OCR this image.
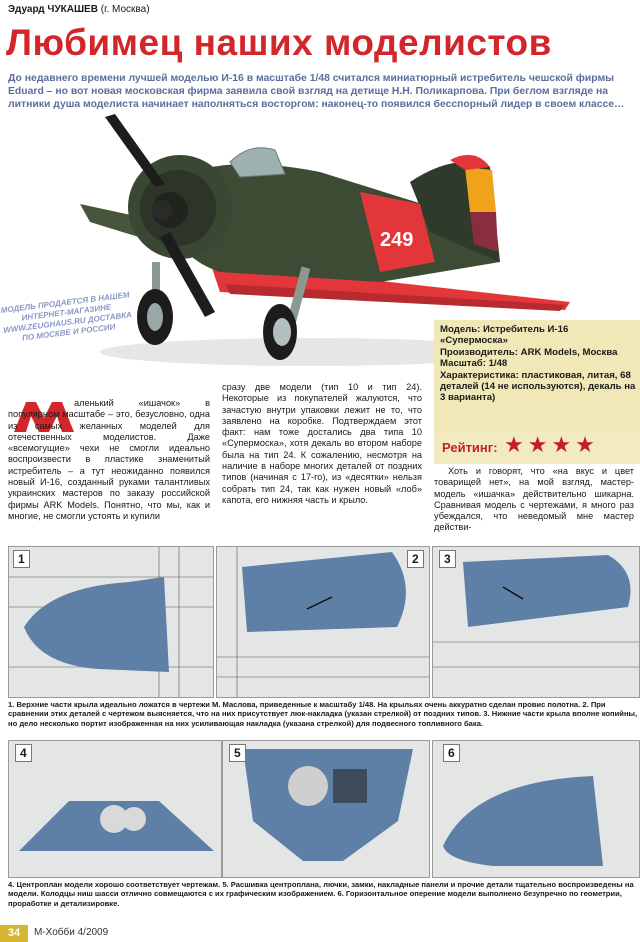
Эдуард ЧУКАШЕВ (г. Москва)
Любимец наших моделистов
До недавнего времени лучшей моделью И-16 в масштабе 1/48 считался миниатюрный истребитель чешской фирмы Eduard – но вот новая московская фирма заявила свой взгляд на детище Н.Н. Поликарпова. При беглом взгляде на литники душа моделиста начинает наполняться восторгом: наконец-то появился бесспорный лидер в своем классе…
249
МОДЕЛЬ ПРОДАЕТСЯ В НАШЕМ ИНТЕРНЕТ-МАГАЗИНЕ WWW.ZEUGHAUS.RU ДОСТАВКА ПО МОСКВЕ И РОССИИ	Модель: Истребитель И-16 «Супермоска»
Производитель: ARK Models, Москва
Масштаб: 1/48
Характеристика: пластиковая, литая, 68 деталей (14 не используются), декаль на 3 варианта)
Рейтинг: ★★★★
аленький «ишачок» в популярном масштабе – это, безусловно, одна из самых желанных моделей для отечественных моделистов. Даже «всемогущие» чехи не смогли идеально воспроизвести в пластике знаменитый истребитель – а тут неожиданно появился новый И-16, созданный руками талантливых украинских мастеров по заказу российской фирмы ARK Models. Понятно, что мы, как и многие, не смогли устоять и купили
сразу две модели (тип 10 и тип 24). Некоторые из покупателей жалуются, что зачастую внутри упаковки лежит не то, что заявлено на коробке. Подтверждаем этот факт: нам тоже достались два типа 10 «Супермоска», хотя декаль во втором наборе была на тип 24. К сожалению, несмотря на наличие в наборе многих деталей от поздних типов (начиная с 17-го), из «десятки» нельзя собрать тип 24, так как нужен новый «лоб» капота, его нижняя часть и крыло.
Хоть и говорят, что «на вкус и цвет товарищей нет», на мой взгляд, мастер-модель «ишачка» действительно шикарна. Сравнивая модель с чертежами, я много раз убеждался, что неведомый мне мастер действи-
1	2	3
1. Верхние части крыла идеально ложатся в чертежи М. Маслова, приведенные к масштабу 1/48. На крыльях очень аккуратно сделан провис полотна. 2. При сравнении этих деталей с чертежом выясняется, что на них присутствует люк-накладка (указан стрелкой) от поздних типов. 3. Нижние части крыла вполне копийны, но дело несколько портит изображенная на них усиливающая накладка (указана стрелкой) для подвесного топливного бака.
4	5	6
4. Центроплан модели хорошо соответствует чертежам. 5. Расшивка центроплана, лючки, замки, накладные панели и прочие детали тщательно воспроизведены на модели. Колодцы ниш шасси отлично совмещаются с их графическим изображением. 6. Горизонтальное оперение модели выполнено безупречно по геометрии, проработке и детализировке.
34	М-Хобби 4/2009
